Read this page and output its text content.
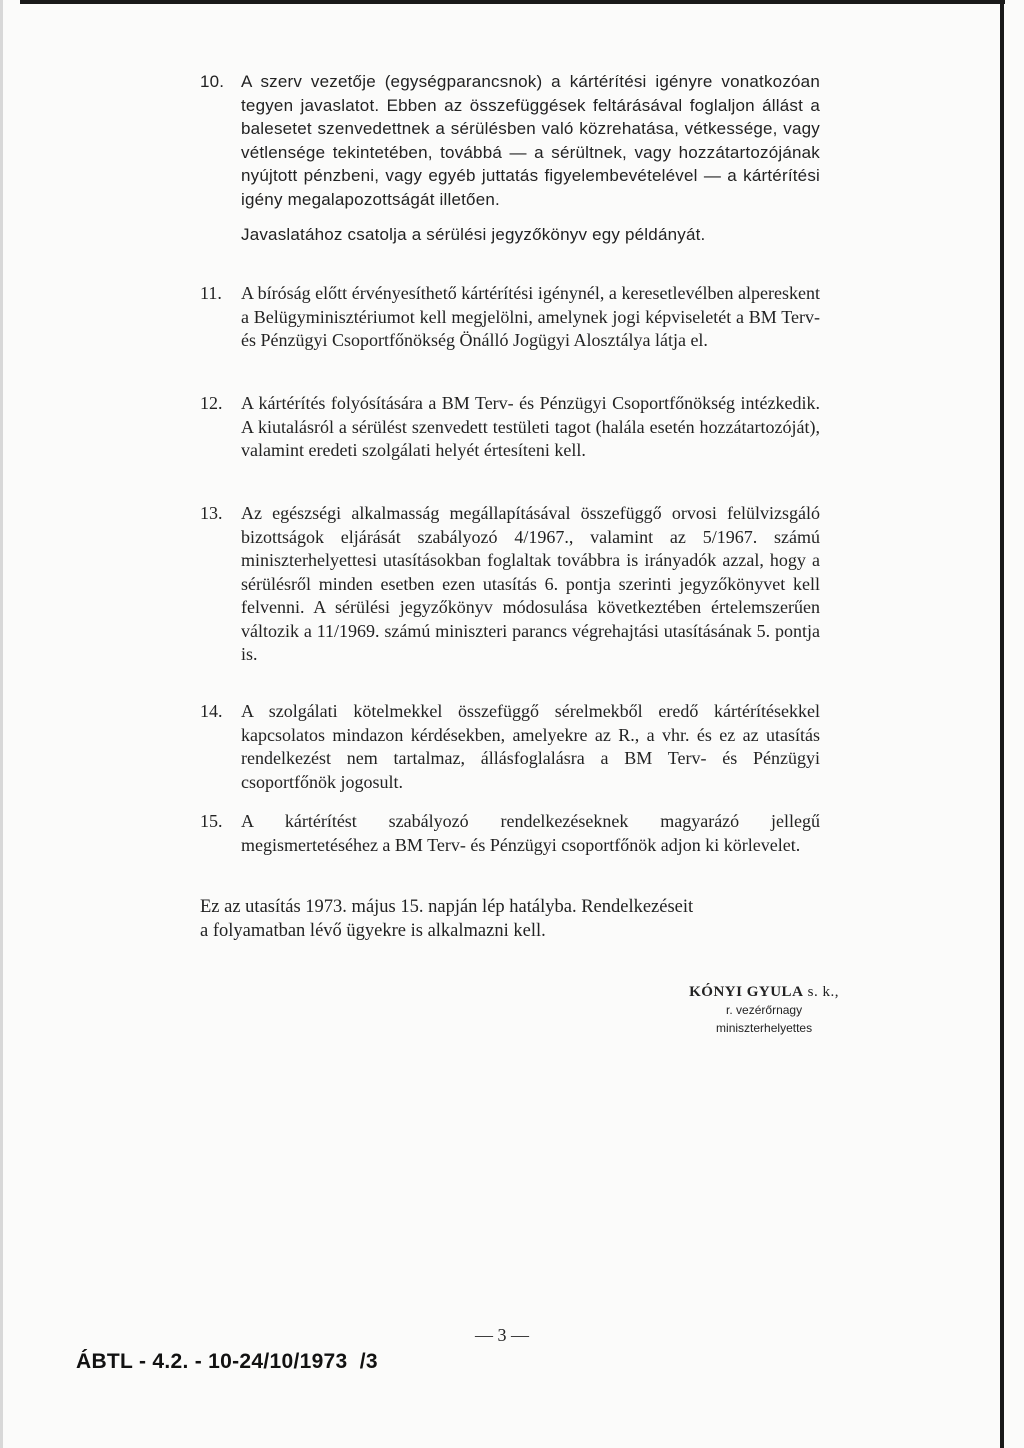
10. A szerv vezetője (egységparancsnok) a kártérítési igényre vonatkozóan tegyen javaslatot. Ebben az összefüggések feltárásával foglaljon állást a balesetet szenvedettnek a sérülésben való közrehatása, vétkessége, vagy vétlensége tekintetében, továbbá — a sérültnek, vagy hozzátartozójának nyújtott pénzbeni, vagy egyéb juttatás figyelembevételével — a kártérítési igény megalapozottságát illetően.

Javaslatához csatolja a sérülési jegyzőkönyv egy példányát.

11.	A bíróság előtt érvényesíthető kártérítési igénynél, a keresetlevélben alpereskent a Belügyminisztériumot kell megjelölni, amelynek jogi képviseletét a BM Terv- és Pénzügyi Csoportfőnökség Önálló Jogügyi Alosztálya látja el.

12.	A kártérítés folyósítására a BM Terv- és Pénzügyi Csoportfőnökség intézkedik. A kiutalásról a sérülést szenvedett testületi tagot (halála esetén hozzátartozóját), valamint eredeti szolgálati helyét értesíteni kell.

13.	Az egészségi alkalmasság megállapításával összefüggő orvosi felülvizsgáló bizottságok eljárását szabályozó 4/1967., valamint az 5/1967. számú miniszterhelyettesi utasításokban foglaltak továbbra is irányadók azzal, hogy a sérülésről minden esetben ezen utasítás 6. pontja szerinti jegyzőkönyvet kell felvenni. A sérülési jegyzőkönyv módosulása következtében értelemszerűen változik a 11/1969. számú miniszteri parancs végrehajtási utasításának 5. pontja is.

14.	A szolgálati kötelmekkel összefüggő sérelmekből eredő kártérítésekkel kapcsolatos mindazon kérdésekben, amelyekre az R., a vhr. és ez az utasítás rendelkezést nem tartalmaz, állásfoglalásra a BM Terv- és Pénzügyi csoportfőnök jogosult.

15.	A kártérítést szabályozó rendelkezéseknek magyarázó jellegű megismertetéséhez a BM Terv- és Pénzügyi csoportfőnök adjon ki körlevelet.

Ez az utasítás 1973. május 15. napján lép hatályba. Rendelkezéseit

a folyamatban lévő ügyekre is alkalmazni kell.

KÓNYI GYULA s. k.,
r. vezérőrnagy
miniszterhelyettes
— 3 —
ÁBTL - 4.2. - 10-24/10/1973  /3
